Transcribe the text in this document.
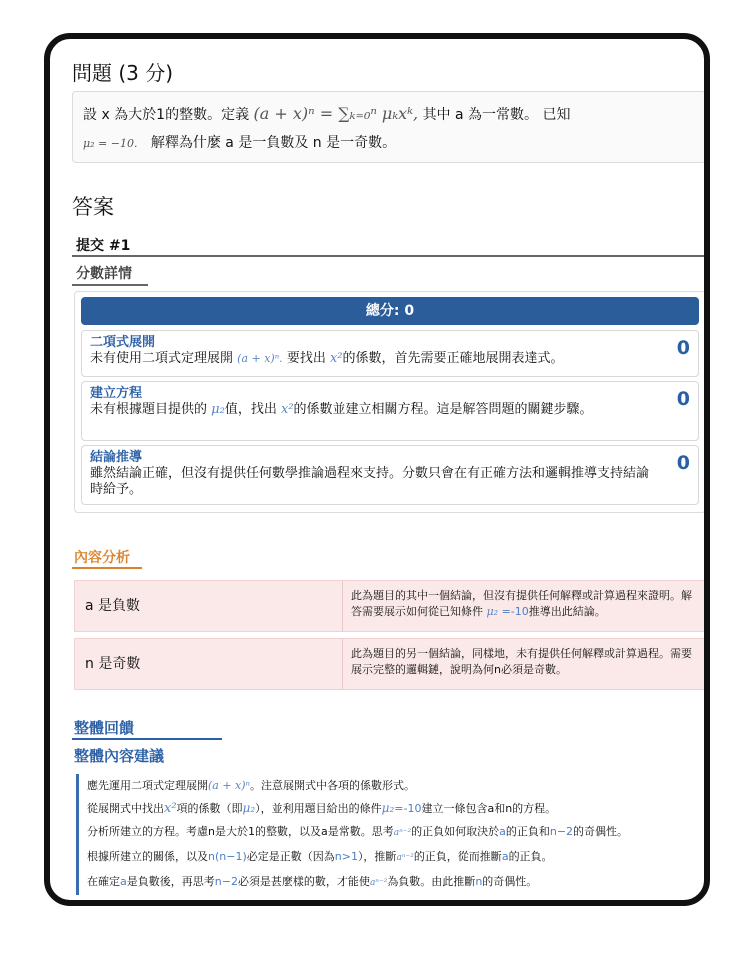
問題 (3 分)
設 x 為大於1的整數。定義 (a + x)ⁿ = ∑ₖ₌₀ⁿ μₖxᵏ, 其中 a 為一常數。 已知
μ₂ = −10. 解釋為什麼 a 是一負數及 n 是一奇數。
答案
提交 #1
分數詳情
總分: 0
二項式展開
未有使用二項式定理展開 (a + x)ⁿ. 要找出 x²的係數，首先需要正確地展開表達式。	0
建立方程
未有根據題目提供的 μ₂值，找出 x²的係數並建立相關方程。這是解答問題的關鍵步驟。	0
結論推導
雖然結論正確，但沒有提供任何數學推論過程來支持。分數只會在有正確方法和邏輯推導支持結論時給予。
0
內容分析
a 是負數
此為題目的其中一個結論，但沒有提供任何解釋或計算過程來證明。解答需要展示如何從已知條件 μ₂ =-10推導出此結論。
n 是奇數
此為題目的另一個結論，同樣地，未有提供任何解釋或計算過程。需要展示完整的邏輯鏈，說明為何n必須是奇數。
整體回饋
整體內容建議
應先運用二項式定理展開(a + x)ⁿ。注意展開式中各項的係數形式。
從展開式中找出x²項的係數（即μ₂），並利用題目給出的條件μ₂=-10建立一條包含a和n的方程。
分析所建立的方程。考慮n是大於1的整數，以及a是常數。思考aⁿ⁻²的正負如何取決於a的正負和n−2的奇偶性。
根據所建立的關係，以及n(n−1)必定是正數（因為n>1），推斷aⁿ⁻²的正負，從而推斷a的正負。
在確定a是負數後，再思考n−2必須是甚麼樣的數，才能使aⁿ⁻²為負數。由此推斷n的奇偶性。
